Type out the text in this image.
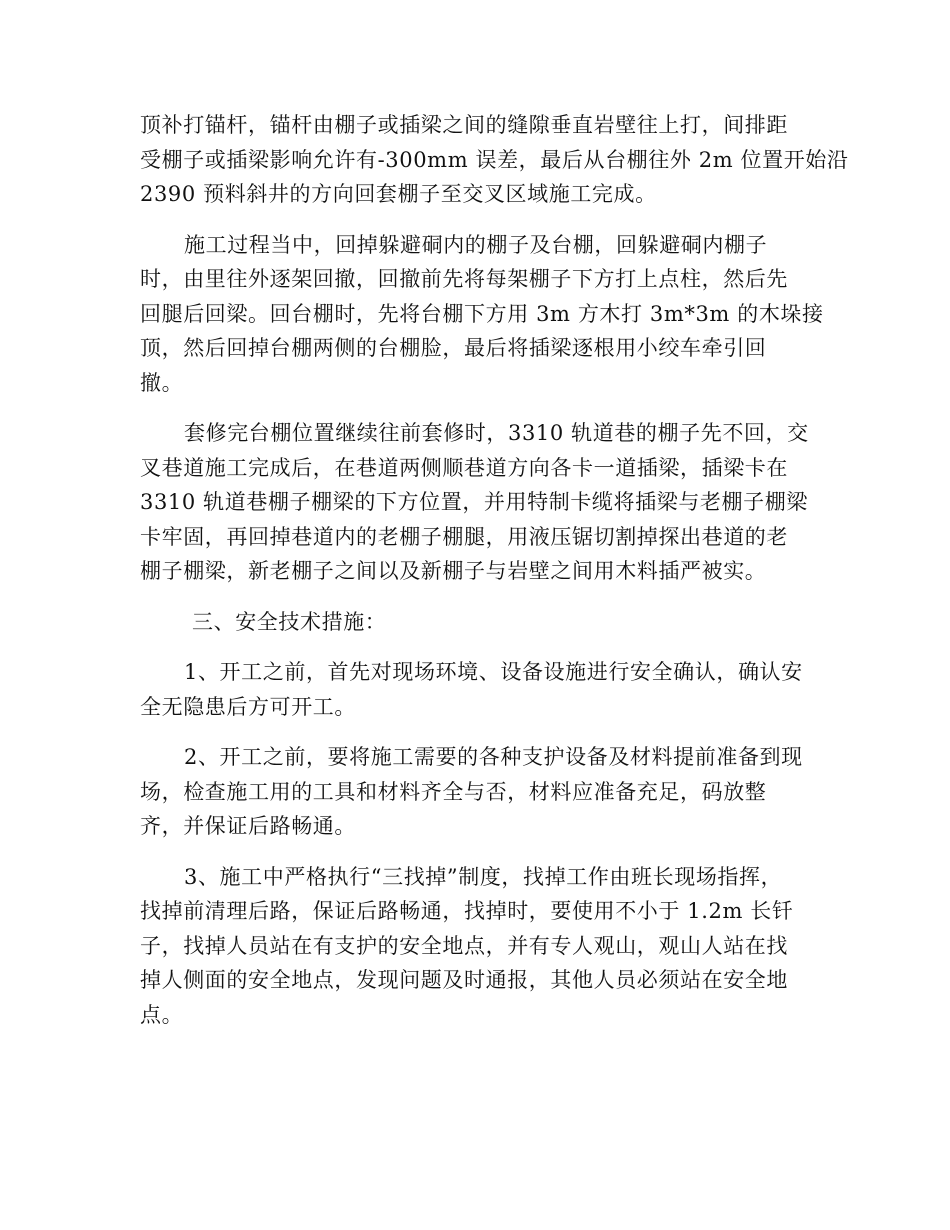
顶补打锚杆，锚杆由棚子或插梁之间的缝隙垂直岩壁往上打，间排距
受棚子或插梁影响允许有-300mm 误差，最后从台棚往外 2m 位置开始沿
2390 预料斜井的方向回套棚子至交叉区域施工完成。

施工过程当中，回掉躲避硐内的棚子及台棚，回躲避硐内棚子
时，由里往外逐架回撤，回撤前先将每架棚子下方打上点柱，然后先
回腿后回梁。回台棚时，先将台棚下方用 3m 方木打 3m*3m 的木垛接
顶，然后回掉台棚两侧的台棚脸，最后将插梁逐根用小绞车牵引回
撤。

套修完台棚位置继续往前套修时，3310 轨道巷的棚子先不回，交
叉巷道施工完成后，在巷道两侧顺巷道方向各卡一道插梁，插梁卡在
3310 轨道巷棚子棚梁的下方位置，并用特制卡缆将插梁与老棚子棚梁
卡牢固，再回掉巷道内的老棚子棚腿，用液压锯切割掉探出巷道的老
棚子棚梁，新老棚子之间以及新棚子与岩壁之间用木料插严被实。

三、安全技术措施：

1、开工之前，首先对现场环境、设备设施进行安全确认，确认安
全无隐患后方可开工。

2、开工之前，要将施工需要的各种支护设备及材料提前准备到现
场，检查施工用的工具和材料齐全与否，材料应准备充足，码放整
齐，并保证后路畅通。

3、施工中严格执行“三找掉”制度，找掉工作由班长现场指挥，
找掉前清理后路，保证后路畅通，找掉时，要使用不小于 1.2m 长钎
子，找掉人员站在有支护的安全地点，并有专人观山，观山人站在找
掉人侧面的安全地点，发现问题及时通报，其他人员必须站在安全地
点。
